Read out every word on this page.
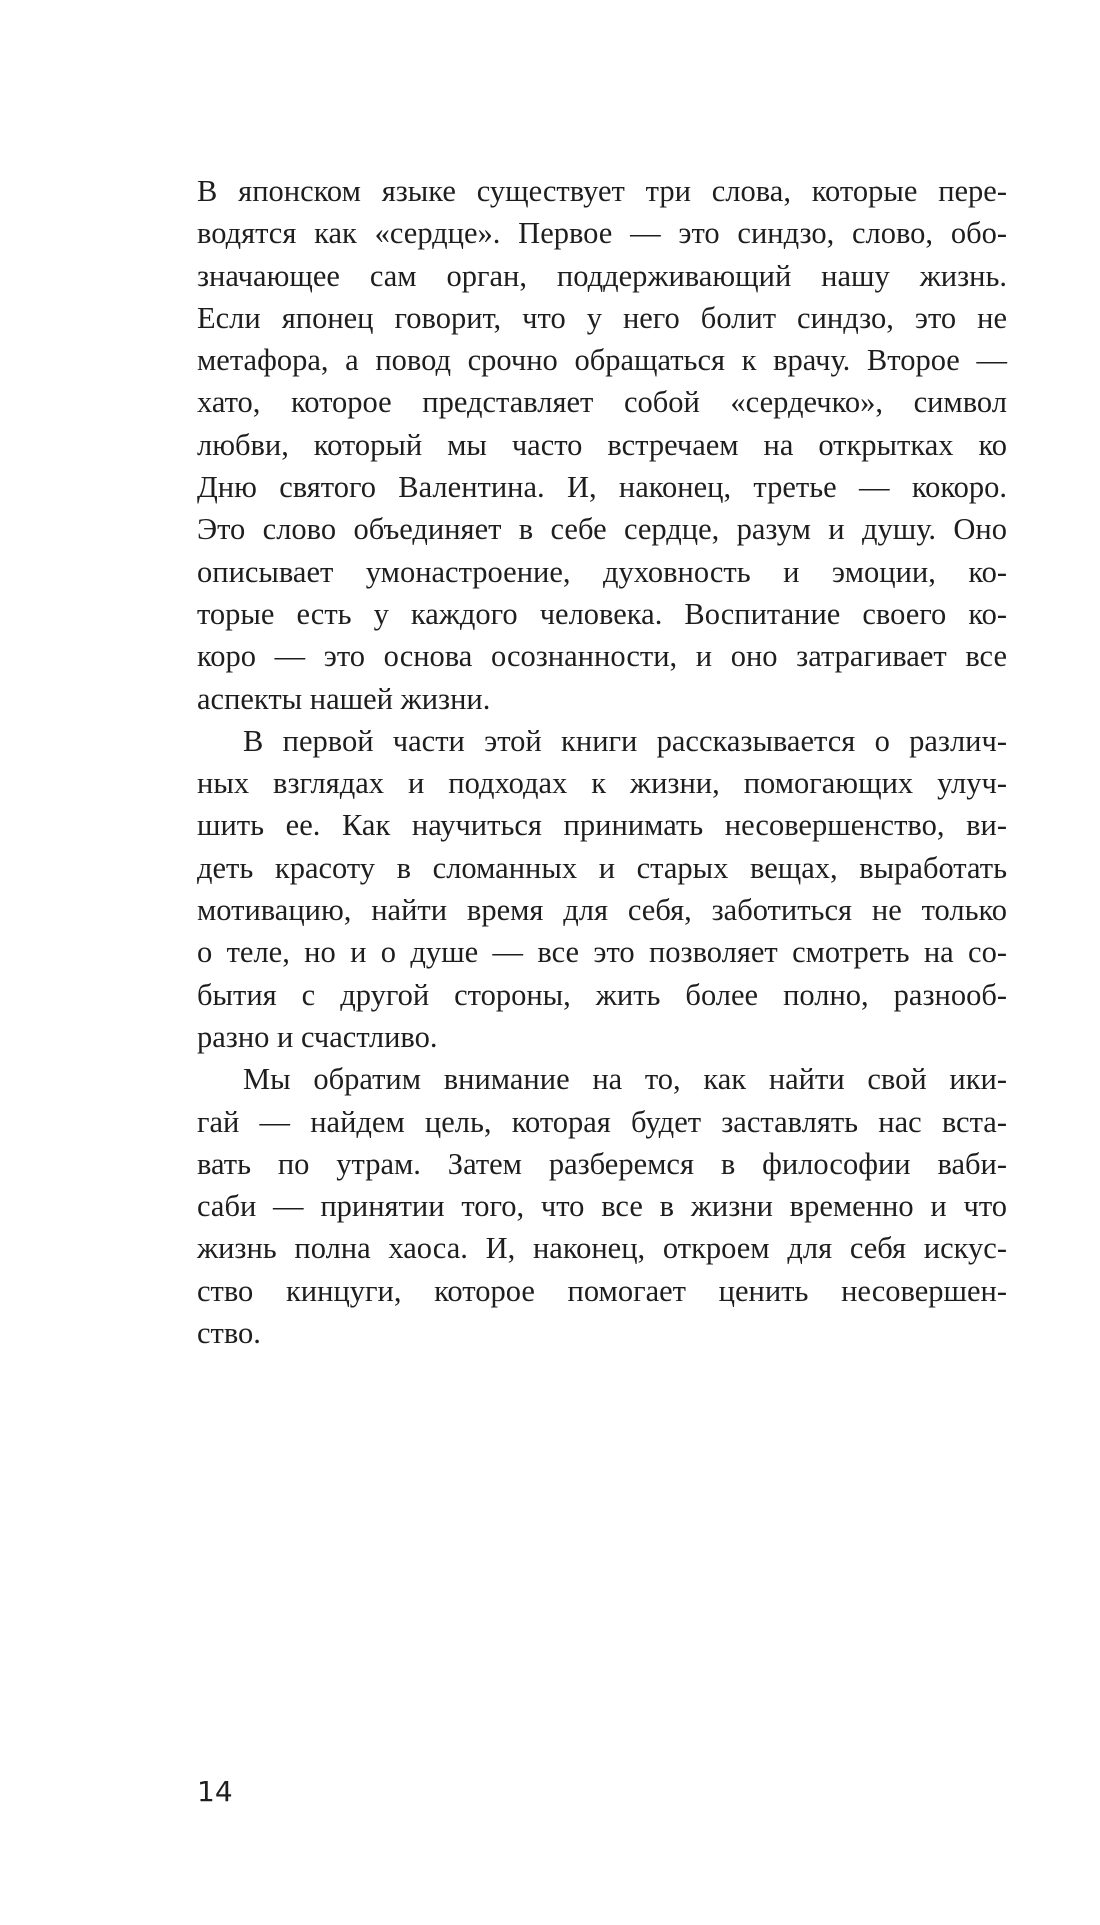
В японском языке существует три слова, которые пере-
водятся как «сердце». Первое — это синдзо, слово, обо-
значающее сам орган, поддерживающий нашу жизнь.
Если японец говорит, что у него болит синдзо, это не
метафора, а повод срочно обращаться к врачу. Второе —
хато, которое представляет собой «сердечко», символ
любви, который мы часто встречаем на открытках ко
Дню святого Валентина. И, наконец, третье — кокоро.
Это слово объединяет в себе сердце, разум и душу. Оно
описывает умонастроение, духовность и эмоции, ко-
торые есть у каждого человека. Воспитание своего ко-
коро — это основа осознанности, и оно затрагивает все
аспекты нашей жизни.
В первой части этой книги рассказывается о различ-
ных взглядах и подходах к жизни, помогающих улуч-
шить ее. Как научиться принимать несовершенство, ви-
деть красоту в сломанных и старых вещах, выработать
мотивацию, найти время для себя, заботиться не только
о теле, но и о душе — все это позволяет смотреть на со-
бытия с другой стороны, жить более полно, разнооб-
разно и счастливо.
Мы обратим внимание на то, как найти свой ики-
гай — найдем цель, которая будет заставлять нас вста-
вать по утрам. Затем разберемся в философии ваби-
саби — принятии того, что все в жизни временно и что
жизнь полна хаоса. И, наконец, откроем для себя искус-
ство кинцуги, которое помогает ценить несовершен-
ство.
14
